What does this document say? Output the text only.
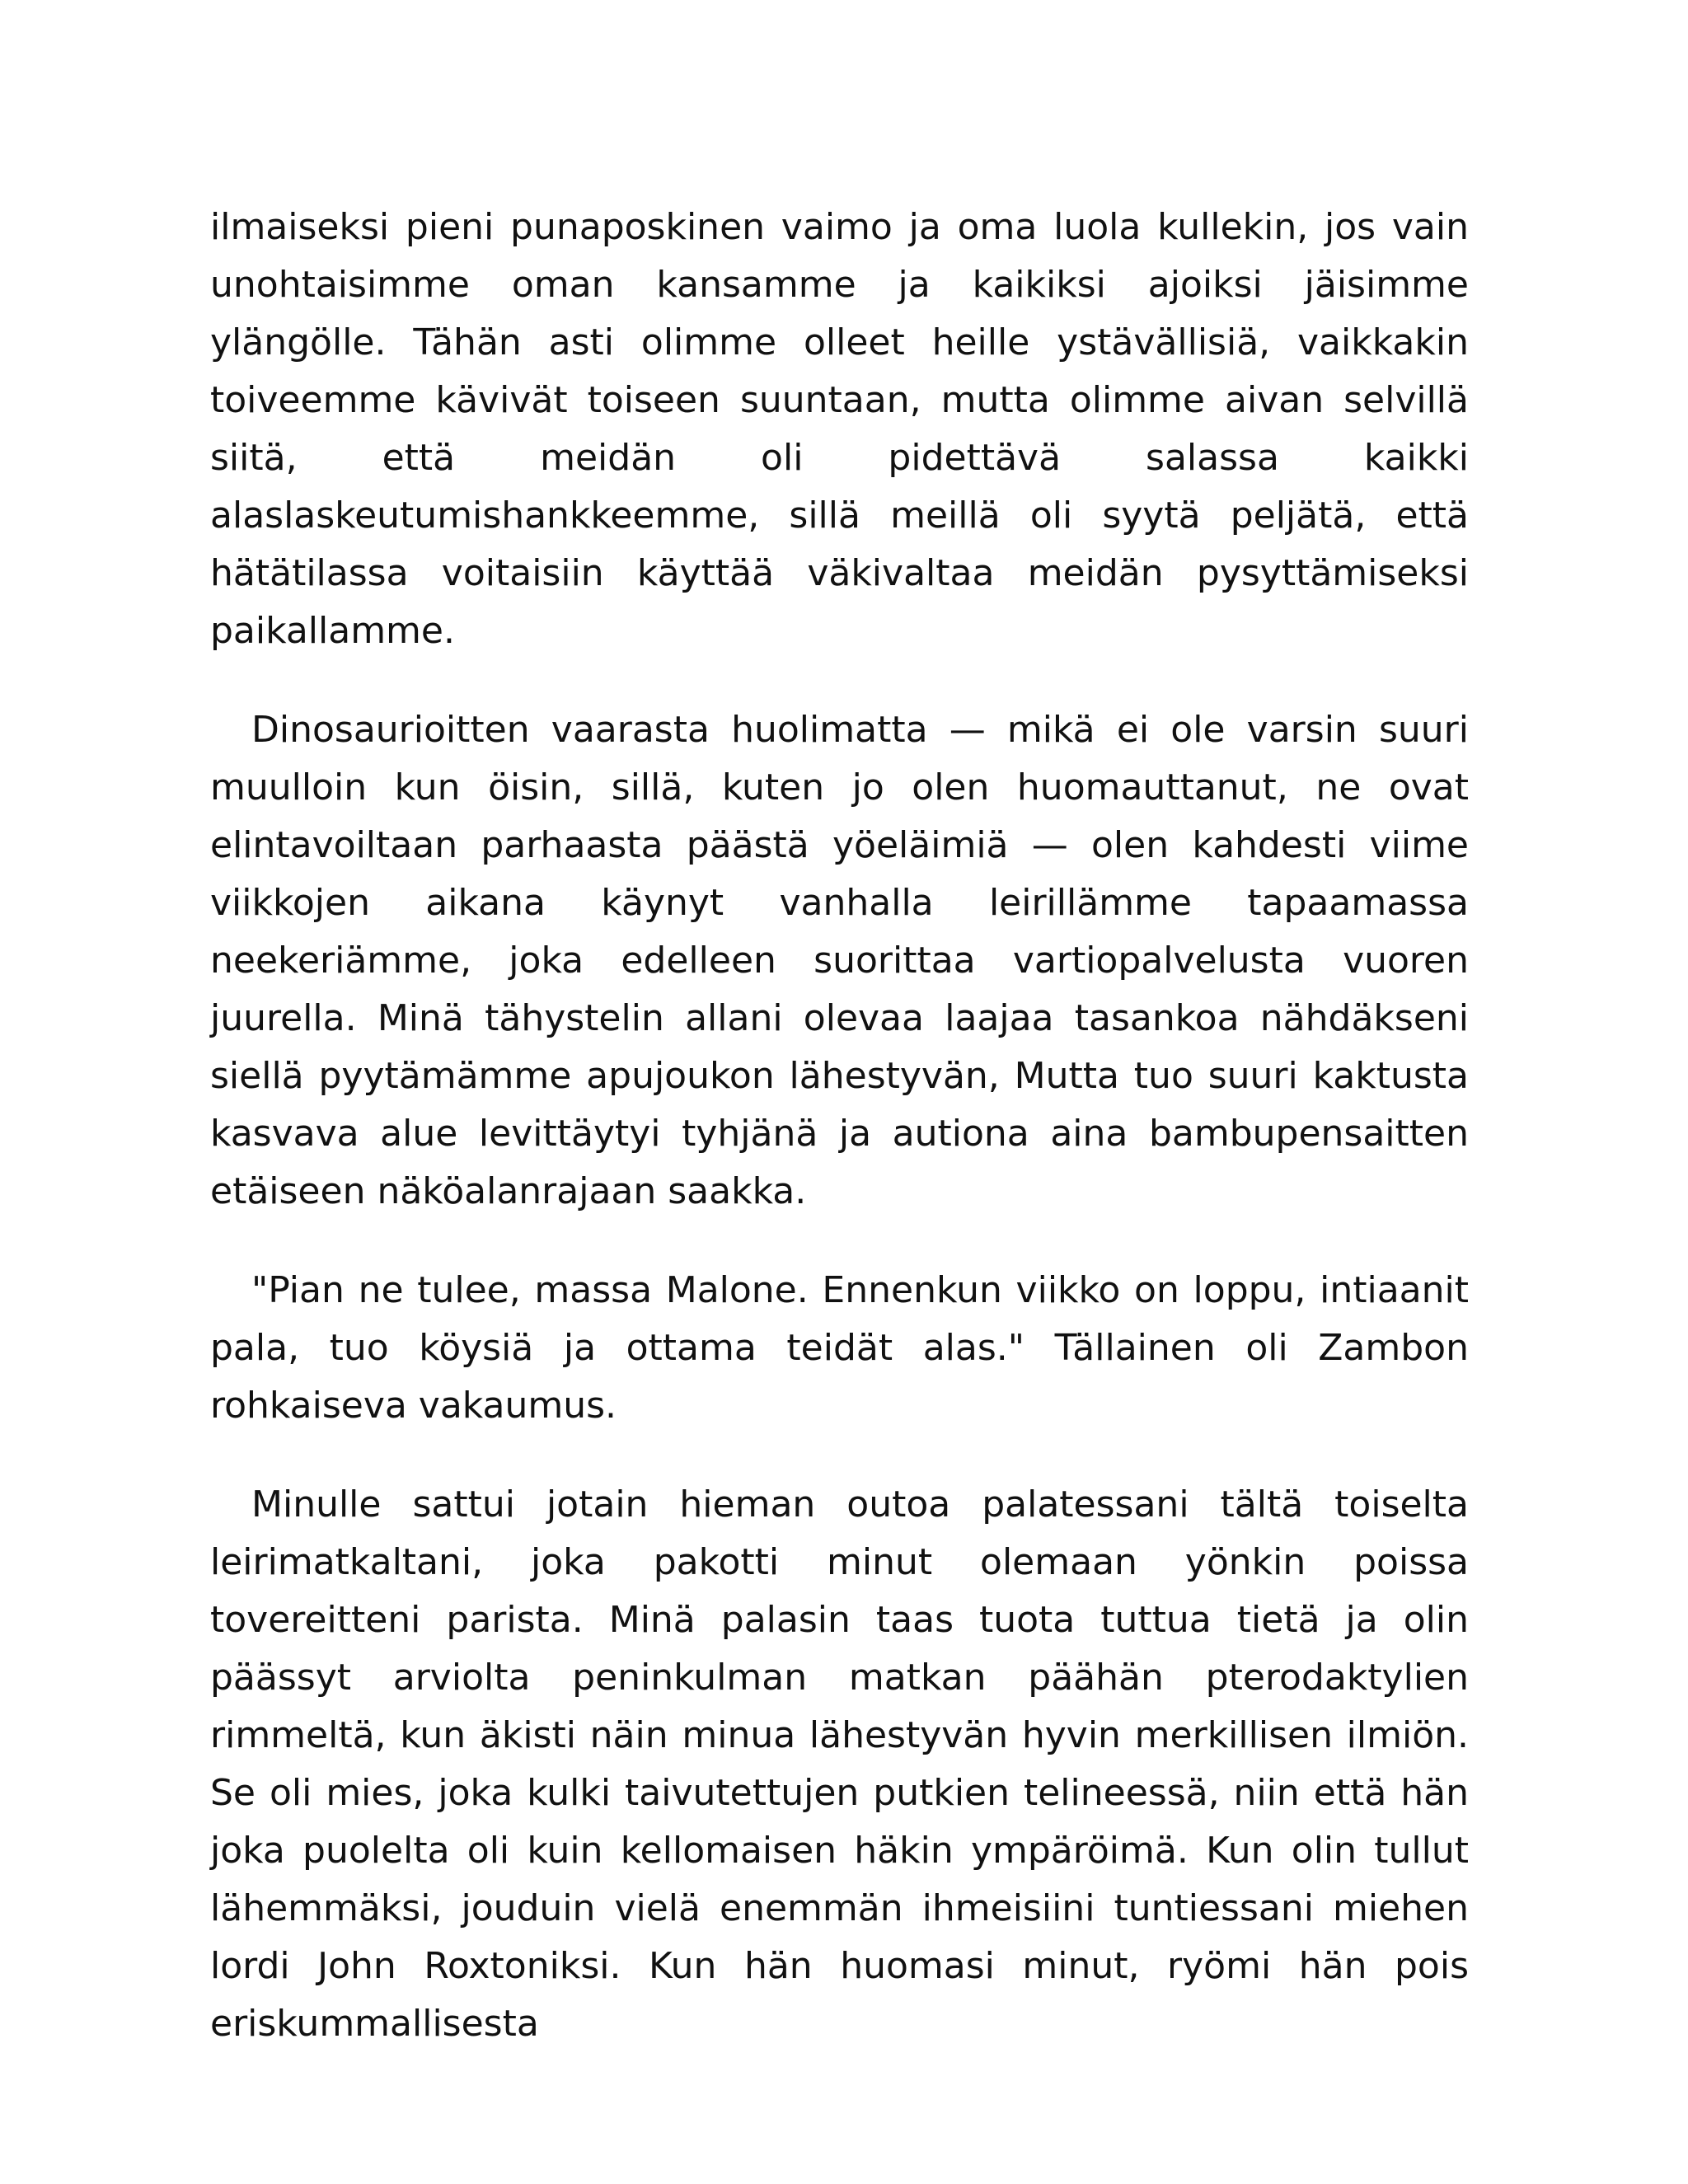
ilmaiseksi pieni punaposkinen vaimo ja oma luola kullekin, jos vain unohtaisimme oman kansamme ja kaikiksi ajoiksi jäisimme ylängölle. Tähän asti olimme olleet heille ystävällisiä, vaikkakin toiveemme kävivät toiseen suuntaan, mutta olimme aivan selvillä siitä, että meidän oli pidettävä salassa kaikki alaslaskeutumishankkeemme, sillä meillä oli syytä peljätä, että hätätilassa voitaisiin käyttää väkivaltaa meidän pysyttämiseksi paikallamme.

Dinosaurioitten vaarasta huolimatta — mikä ei ole varsin suuri muulloin kun öisin, sillä, kuten jo olen huomauttanut, ne ovat elintavoiltaan parhaasta päästä yöeläimiä — olen kahdesti viime viikkojen aikana käynyt vanhalla leirillämme tapaamassa neekeriämme, joka edelleen suorittaa vartiopalvelusta vuoren juurella. Minä tähystelin allani olevaa laajaa tasankoa nähdäkseni siellä pyytämämme apujoukon lähestyvän, Mutta tuo suuri kaktusta kasvava alue levittäytyi tyhjänä ja autiona aina bambupensaitten etäiseen näköalanrajaan saakka.

"Pian ne tulee, massa Malone. Ennenkun viikko on loppu, intiaanit pala, tuo köysiä ja ottama teidät alas." Tällainen oli Zambon rohkaiseva vakaumus.

Minulle sattui jotain hieman outoa palatessani tältä toiselta leirimatkaltani, joka pakotti minut olemaan yönkin poissa tovereitteni parista. Minä palasin taas tuota tuttua tietä ja olin päässyt arviolta peninkulman matkan päähän pterodaktylien rimmeltä, kun äkisti näin minua lähestyvän hyvin merkillisen ilmiön. Se oli mies, joka kulki taivutettujen putkien telineessä, niin että hän joka puolelta oli kuin kellomaisen häkin ympäröimä. Kun olin tullut lähemmäksi, jouduin vielä enemmän ihmeisiini tuntiessani miehen lordi John Roxtoniksi. Kun hän huomasi minut, ryömi hän pois eriskummallisesta
